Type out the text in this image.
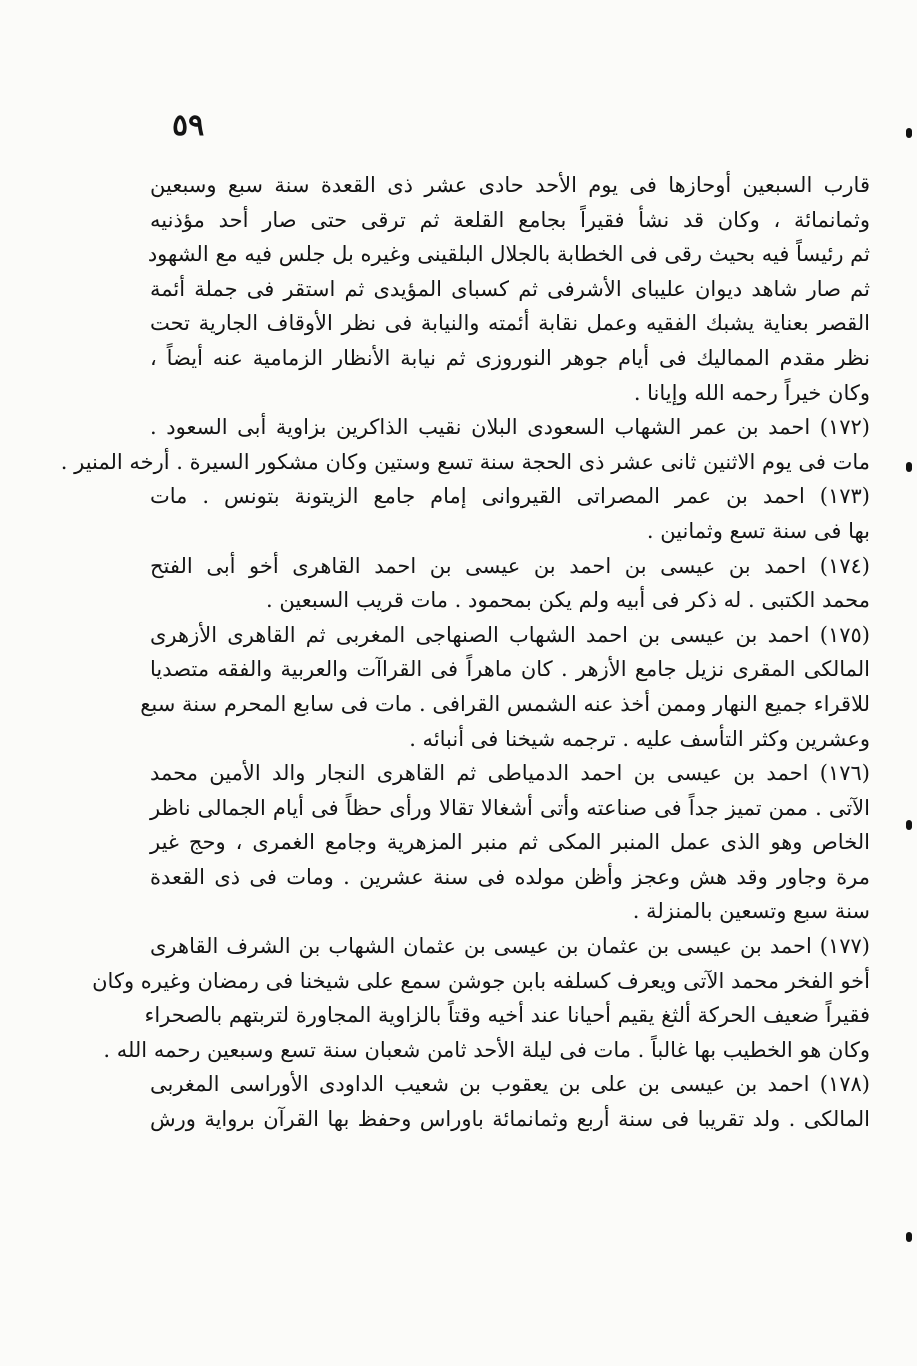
٥٩
قارب السبعين أوحازها فى يوم الأحد حادى عشر ذى القعدة سنة سبع وسبعين
وثمانمائة ، وكان قد نشأ فقيراً بجامع القلعة ثم ترقى حتى صار أحد مؤذنيه
ثم رئيساً فيه بحيث رقى فى الخطابة بالجلال البلقينى وغيره بل جلس فيه مع الشهود
ثم صار شاهد ديوان عليباى الأشرفى ثم كسباى المؤيدى ثم استقر فى جملة أئمة
القصر بعناية يشبك الفقيه وعمل نقابة أئمته والنيابة فى نظر الأوقاف الجارية تحت
نظر مقدم المماليك فى أيام جوهر النوروزى ثم نيابة الأنظار الزمامية عنه أيضاً ،
وكان خيراً رحمه الله وإيانا .
(١٧٢) احمد بن عمر الشهاب السعودى البلان نقيب الذاكرين بزاوية أبى السعود .
مات فى يوم الاثنين ثانى عشر ذى الحجة سنة تسع وستين وكان مشكور السيرة . أرخه المنير .
(١٧٣) احمد بن عمر المصراتى القيروانى إمام جامع الزيتونة بتونس . مات
بها فى سنة تسع وثمانين .
(١٧٤) احمد بن عيسى بن احمد بن عيسى بن احمد القاهرى أخو أبى الفتح
محمد الكتبى . له ذكر فى أبيه ولم يكن بمحمود . مات قريب السبعين .
(١٧٥) احمد بن عيسى بن احمد الشهاب الصنهاجى المغربى ثم القاهرى الأزهرى
المالكى المقرى نزيل جامع الأزهر . كان ماهراً فى القراآت والعربية والفقه متصديا
للاقراء جميع النهار وممن أخذ عنه الشمس القرافى . مات فى سابع المحرم سنة سبع
وعشرين وكثر التأسف عليه . ترجمه شيخنا فى أنبائه .
(١٧٦) احمد بن عيسى بن احمد الدمياطى ثم القاهرى النجار والد الأمين محمد
الآتى . ممن تميز جداً فى صناعته وأتى أشغالا تقالا ورأى حظاً فى أيام الجمالى ناظر
الخاص وهو الذى عمل المنبر المكى ثم منبر المزهرية وجامع الغمرى ، وحج غير
مرة وجاور وقد هش وعجز وأظن مولده فى سنة عشرين . ومات فى ذى القعدة
سنة سبع وتسعين بالمنزلة .
(١٧٧) احمد بن عيسى بن عثمان بن عيسى بن عثمان الشهاب بن الشرف القاهرى
أخو الفخر محمد الآتى ويعرف كسلفه بابن جوشن سمع على شيخنا فى رمضان وغيره وكان
فقيراً ضعيف الحركة ألثغ يقيم أحيانا عند أخيه وقتاً بالزاوية المجاورة لتربتهم بالصحراء
وكان هو الخطيب بها غالباً . مات فى ليلة الأحد ثامن شعبان سنة تسع وسبعين رحمه الله .
(١٧٨) احمد بن عيسى بن على بن يعقوب بن شعيب الداودى الأوراسى المغربى
المالكى . ولد تقريبا فى سنة أربع وثمانمائة باوراس وحفظ بها القرآن برواية ورش
